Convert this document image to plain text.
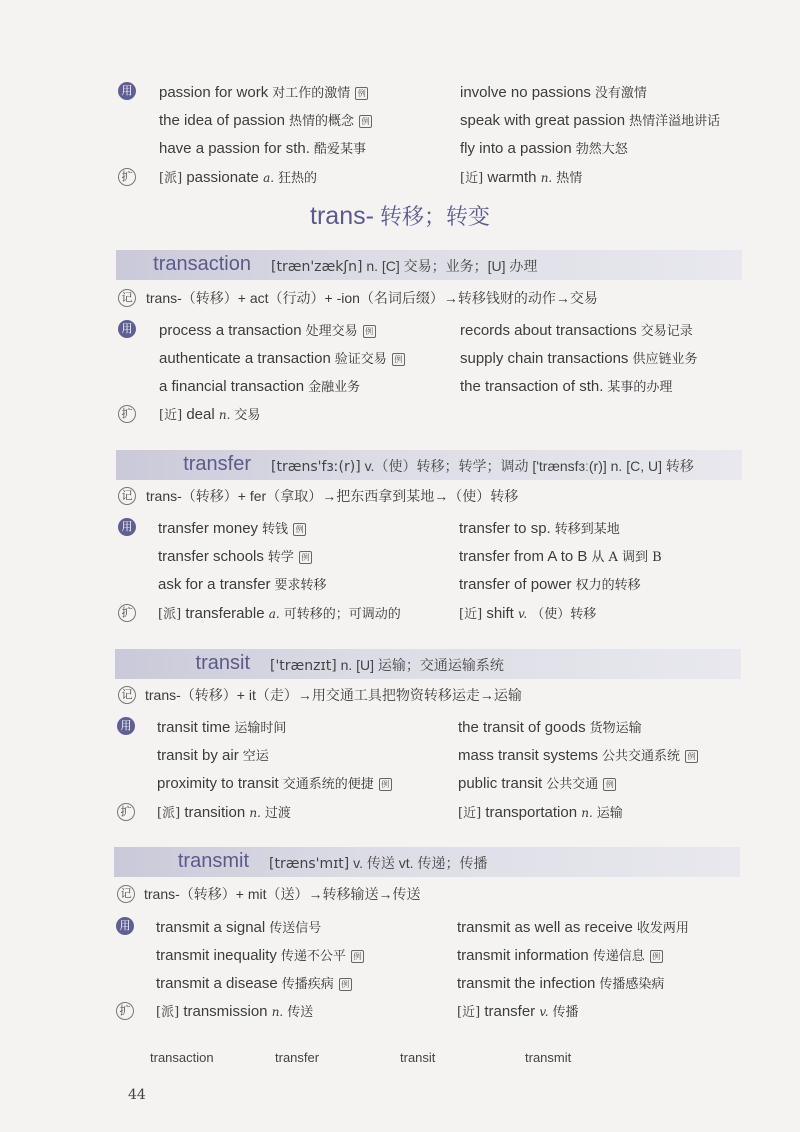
用 passion for work 对工作的激情 例	involve no passions 没有激情
the idea of passion 热情的概念 例	speak with great passion 热情洋溢地讲话
have a passion for sth. 酷爱某事	fly into a passion 勃然大怒
扩 [派] passionate a. 狂热的	[近] warmth n. 热情
trans- 转移；转变
transaction [træn'zækʃn] n. [C] 交易；业务；[U] 办理
记 trans-（转移）+ act（行动）+ -ion（名词后缀）→转移钱财的动作→交易
用 process a transaction 处理交易 例	records about transactions 交易记录
authenticate a transaction 验证交易 例	supply chain transactions 供应链业务
a financial transaction 金融业务	the transaction of sth. 某事的办理
扩 [近] deal n. 交易
transfer [træns'fɜː(r)] v.（使）转移；转学；调动 ['trænsfɜː(r)] n. [C, U] 转移
记 trans-（转移）+ fer（拿取）→把东西拿到某地→（使）转移
用 transfer money 转钱 例	transfer to sp. 转移到某地
transfer schools 转学 例	transfer from A to B 从 A 调到 B
ask for a transfer 要求转移	transfer of power 权力的转移
扩 [派] transferable a. 可转移的；可调动的	[近] shift v. （使）转移
transit ['trænzɪt] n. [U] 运输；交通运输系统
记 trans-（转移）+ it（走）→用交通工具把物资转移运走→运输
用 transit time 运输时间	the transit of goods 货物运输
transit by air 空运	mass transit systems 公共交通系统 例
proximity to transit 交通系统的便捷 例	public transit 公共交通 例
扩 [派] transition n. 过渡	[近] transportation n. 运输
transmit [træns'mɪt] v. 传送 vt. 传递；传播
记 trans-（转移）+ mit（送）→转移输送→传送
用 transmit a signal 传送信号	transmit as well as receive 收发两用
transmit inequality 传递不公平 例	transmit information 传递信息 例
transmit a disease 传播疾病 例	transmit the infection 传播感染病
扩 [派] transmission n. 传送	[近] transfer v. 传播
transaction	transfer	transit	transmit
44
